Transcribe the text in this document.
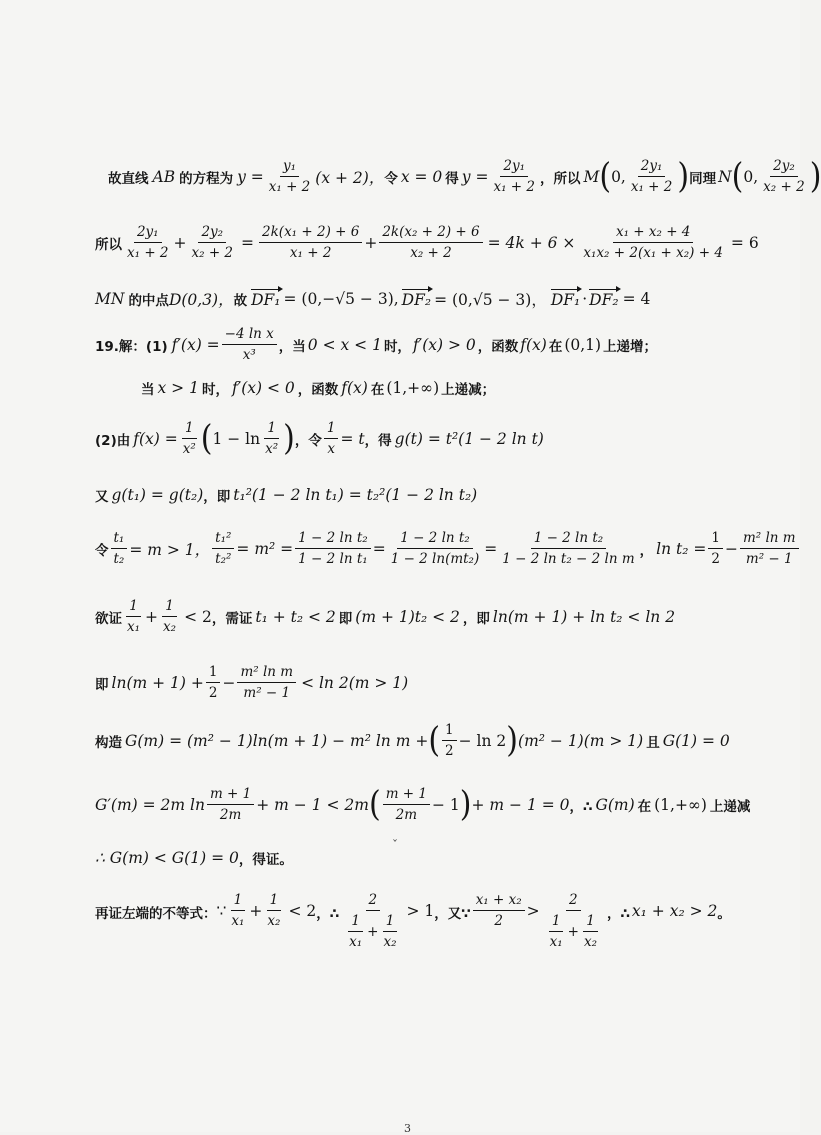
故直线 AB 的方程为 $y = \frac{\text{y₁}}{\text{x₁ + 2}} (x + 2)$， 令 x = 0 得 $y = \frac{\text{2y₁}}{\text{x₁ + 2}}$ ，所以 M ( 0, $\frac{\text{2y₁}}{\text{x₁ + 2}}$ ) 同理 N ( 0, $\frac{\text{2y₂}}{\text{x₂ + 2}}$ )
所以 $\frac{\text{2y₁}}{\text{x₁ + 2}} + \frac{\text{2y₂}}{\text{x₂ + 2}} = \frac{\text{2k(x₁ + 2) + 6}}{\text{x₁ + 2}} + \frac{\text{2k(x₂ + 2) + 6}}{\text{x₂ + 2}} = 4k + 6 \times \frac{\text{x₁ + x₂ + 4}}{\text{x₁x₂ + 2(x₁ + x₂) + 4}} = 6$
MN 的中点 D(0,3)， 故 DF₁ = (0,−√5 − 3), DF₂ = (0,√5 − 3)， DF₁ · DF₂ = 4
19.解：(1) $f'(x) = \frac{\text{−4 ln x}}{\text{x³}}$ ，当 0 < x < 1 时， f′(x) > 0 ，函数 f(x) 在 (0,1) 上递增；
当 x > 1 时， f′(x) < 0 ，函数 f(x) 在 (1,+∞) 上递减；
(2)由 $f(x) = \frac{1}{\text{x²}}$ ( $1 - \ln \frac{1}{\text{x²}}$ ) ，令 $\frac{1}{x} = t$ ，得 g(t) = t²(1 − 2 ln t)
又 g(t₁) = g(t₂) ，即 t₁²(1 − 2 ln t₁) = t₂²(1 − 2 ln t₂)
令 $\frac{\text{t₁}}{\text{t₂}} = m > 1$， $\frac{\text{t₁²}}{\text{t₂²}} = m^2 = \frac{\text{1 − 2 ln t₂}}{\text{1 − 2 ln t₁}} = \frac{\text{1 − 2 ln t₂}}{\text{1 − 2 ln(mt₂)}} = \frac{\text{1 − 2 ln t₂}}{\text{1 − 2 ln t₂ − 2 ln m}}$ ， $\ln t_2 = \frac{1}{2} - \frac{\text{m² ln m}}{\text{m² − 1}}$
欲证 $\frac{1}{\text{x₁}} + \frac{1}{\text{x₂}} < 2$ ，需证 t₁ + t₂ < 2 即 (m + 1)t₂ < 2 ，即 ln(m + 1) + ln t₂ < ln 2
即 $\ln(m + 1) + \frac{1}{2} - \frac{\text{m² ln m}}{\text{m² − 1}} < \ln 2(m > 1)$
构造 G(m) = (m² − 1)ln(m + 1) − m² ln m + ( $\frac{1}{2} - \ln 2$ ) (m² − 1)(m > 1) 且 G(1) = 0
G′(m) = 2m $\ln \frac{m + 1}{2m} + m - 1 < 2m$ ( $\frac{m + 1}{2m} - 1$ ) + m − 1 = 0 ，∴ G(m) 在 (1,+∞) 上递减
∴ G(m) < G(1) = 0 ，得证。
再证左端的不等式： ∵ $\frac{1}{\text{x₁}} + \frac{1}{\text{x₂}} < 2$ ，∴ $\frac{2}{\frac{1}{\text{x₁}} + \frac{1}{\text{x₂}}} > 1$ ，又∵ $\frac{\text{x₁ + x₂}}{2} > \frac{2}{\frac{1}{\text{x₁}} + \frac{1}{\text{x₂}}}$ ，∴ x₁ + x₂ > 2 。
ˇ
3
